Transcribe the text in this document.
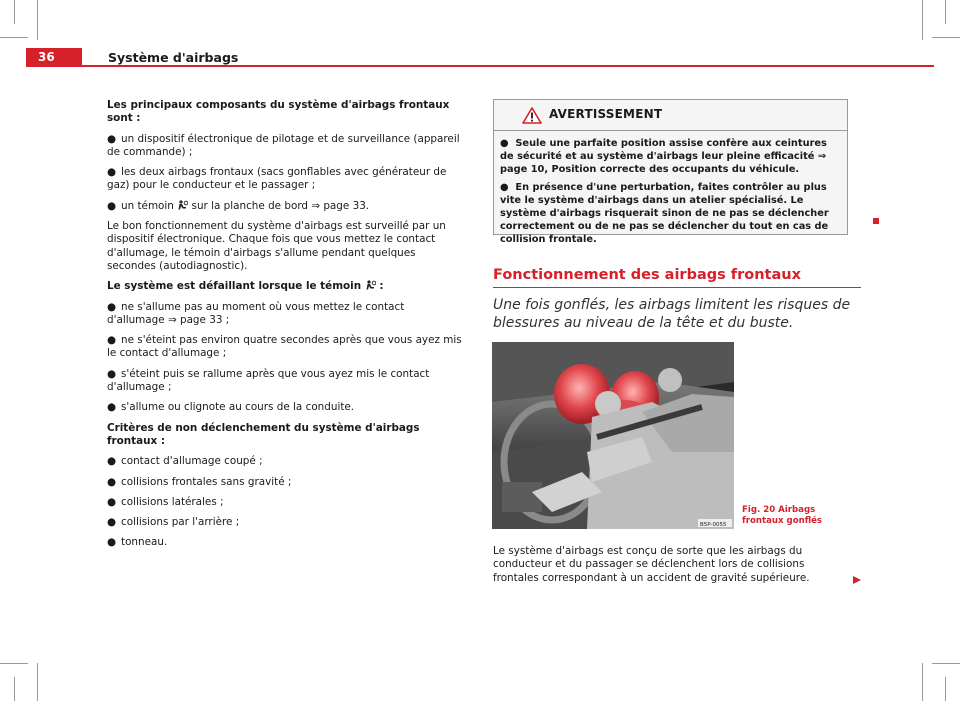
36	Système d'airbags

Les principaux composants du système d'airbags frontaux sont :

● un dispositif électronique de pilotage et de surveillance (appareil de commande) ;

● les deux airbags frontaux (sacs gonflables avec générateur de gaz) pour le conducteur et le passager ;

● un témoin sur la planche de bord ⇒ page 33.

Le bon fonctionnement du système d'airbags est surveillé par un dispositif électronique. Chaque fois que vous mettez le contact d'allumage, le témoin d'airbags s'allume pendant quelques secondes (autodiagnostic).

Le système est défaillant lorsque le témoin :

● ne s'allume pas au moment où vous mettez le contact d'allumage ⇒ page 33 ;

● ne s'éteint pas environ quatre secondes après que vous ayez mis le contact d'allumage ;

● s'éteint puis se rallume après que vous ayez mis le contact d'allumage ;

● s'allume ou clignote au cours de la conduite.

Critères de non déclenchement du système d'airbags frontaux :

● contact d'allumage coupé ;

● collisions frontales sans gravité ;

● collisions latérales ;

● collisions par l'arrière ;

● tonneau.

AVERTISSEMENT

●  Seule une parfaite position assise confère aux ceintures de sécurité et au système d'airbags leur pleine efficacité ⇒ page 10, Position correcte des occupants du véhicule.

●  En présence d'une perturbation, faites contrôler au plus vite le système d'airbags dans un atelier spécialisé. Le système d'airbags risquerait sinon de ne pas se déclencher correctement ou de ne pas se déclencher du tout en cas de collision frontale.

Fonctionnement des airbags frontaux
Une fois gonflés, les airbags limitent les risques de blessures au niveau de la tête et du buste.
B5P-0055
Fig. 20 Airbags frontaux gonflés
Le système d'airbags est conçu de sorte que les airbags du conducteur et du passager se déclenchent lors de collisions frontales correspondant à un accident de gravité supérieure.
